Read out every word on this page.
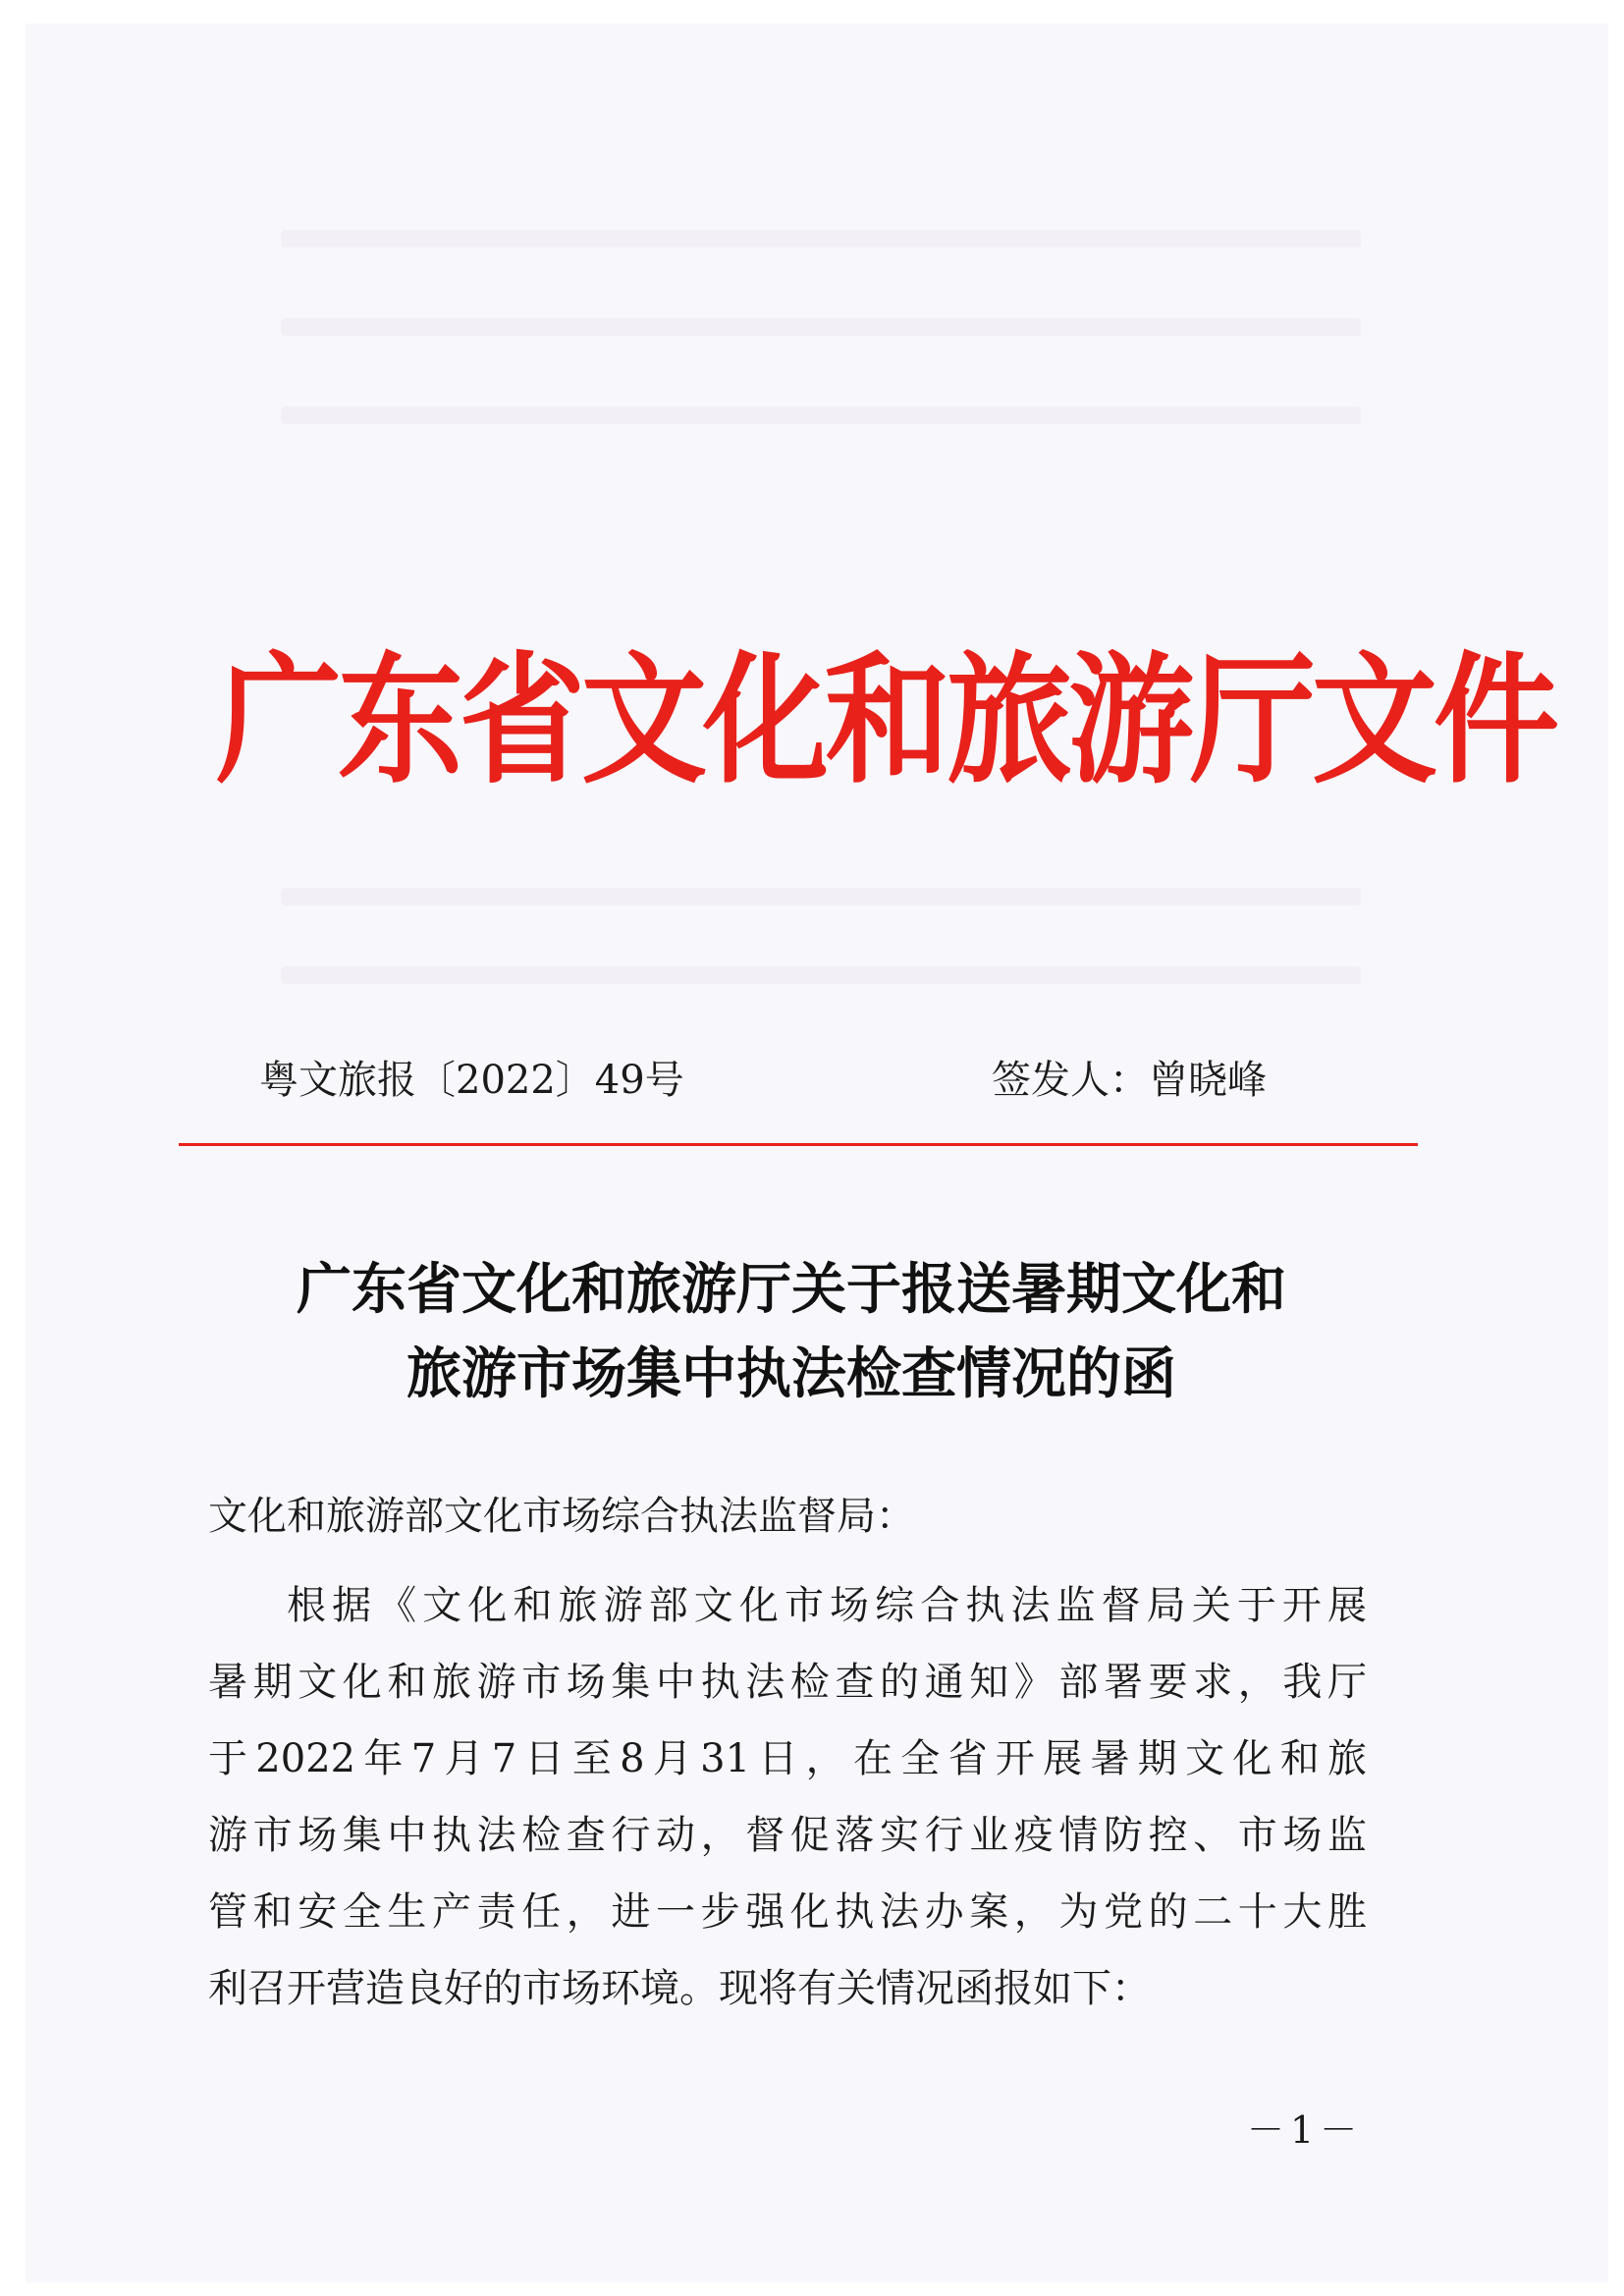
广东省文化和旅游厅文件
粤文旅报〔2022〕49号	签发人：曾晓峰
广东省文化和旅游厅关于报送暑期文化和
旅游市场集中执法检查情况的函
文化和旅游部文化市场综合执法监督局：
根据《文化和旅游部文化市场综合执法监督局关于开展
暑期文化和旅游市场集中执法检查的通知》部署要求，我厅
于2022年7月7日至8月31日，在全省开展暑期文化和旅
游市场集中执法检查行动，督促落实行业疫情防控、市场监
管和安全生产责任，进一步强化执法办案，为党的二十大胜
利召开营造良好的市场环境。现将有关情况函报如下：
－1－
